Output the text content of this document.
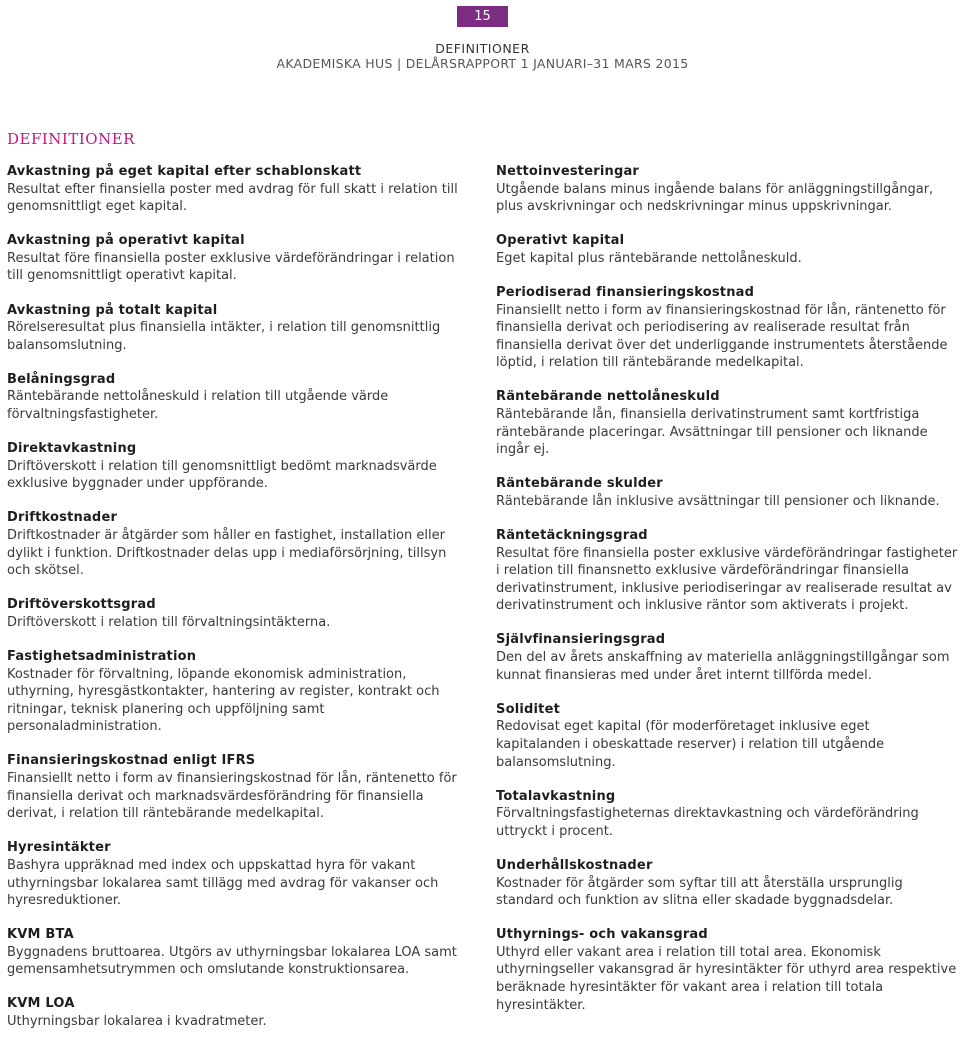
15
DEFINITIONER
AKADEMISKA HUS | DELÅRSRAPPORT 1 JANUARI–31 MARS 2015
DEFINITIONER
Avkastning på eget kapital efter schablonskatt
Resultat efter finansiella poster med avdrag för full skatt i relation till genomsnittligt eget kapital.
Avkastning på operativt kapital
Resultat före finansiella poster exklusive värdeförändringar i relation till genomsnittligt operativt kapital.
Avkastning på totalt kapital
Rörelseresultat plus finansiella intäkter, i relation till genomsnittlig balansomslutning.
Belåningsgrad
Räntebärande nettolåneskuld i relation till utgående värde förvaltningsfastigheter.
Direktavkastning
Driftöverskott i relation till genomsnittligt bedömt marknadsvärde exklusive byggnader under uppförande.
Driftkostnader
Driftkostnader är åtgärder som håller en fastighet, installation eller dylikt i funktion. Driftkostnader delas upp i mediaförsörjning, tillsyn och skötsel.
Driftöverskottsgrad
Driftöverskott i relation till förvaltningsintäkterna.
Fastighetsadministration
Kostnader för förvaltning, löpande ekonomisk administration, uthyrning, hyresgästkontakter, hantering av register, kontrakt och ritningar, teknisk planering och uppföljning samt personaladministration.
Finansieringskostnad enligt IFRS
Finansiellt netto i form av finansieringskostnad för lån, räntenetto för finansiella derivat och marknadsvärdesförändring för finansiella derivat, i relation till räntebärande medelkapital.
Hyresintäkter
Bashyra uppräknad med index och uppskattad hyra för vakant uthyrningsbar lokalarea samt tillägg med avdrag för vakanser och hyresreduktioner.
KVM BTA
Byggnadens bruttoarea. Utgörs av uthyrningsbar lokalarea LOA samt gemensamhetsutrymmen och omslutande konstruktionsarea.
KVM LOA
Uthyrningsbar lokalarea i kvadratmeter.
Nettoinvesteringar
Utgående balans minus ingående balans för anläggningstillgångar, plus avskrivningar och nedskrivningar minus uppskrivningar.
Operativt kapital
Eget kapital plus räntebärande nettolåneskuld.
Periodiserad finansieringskostnad
Finansiellt netto i form av finansieringskostnad för lån, räntenetto för finansiella derivat och periodisering av realiserade resultat från finansiella derivat över det underliggande instrumentets återstående löptid, i relation till räntebärande medelkapital.
Räntebärande nettolåneskuld
Räntebärande lån, finansiella derivatinstrument samt kortfristiga räntebärande placeringar. Avsättningar till pensioner och liknande ingår ej.
Räntebärande skulder
Räntebärande lån inklusive avsättningar till pensioner och liknande.
Räntetäckningsgrad
Resultat före finansiella poster exklusive värdeförändringar fastigheter i relation till finansnetto exklusive värdeförändringar finansiella derivatinstrument, inklusive periodiseringar av realiserade resultat av derivatinstrument och inklusive räntor som aktiverats i projekt.
Självfinansieringsgrad
Den del av årets anskaffning av materiella anläggningstillgångar som kunnat finansieras med under året internt tillförda medel.
Soliditet
Redovisat eget kapital (för moderföretaget inklusive eget kapitalanden i obeskattade reserver) i relation till utgående balansomslutning.
Totalavkastning
Förvaltningsfastigheternas direktavkastning och värdeförändring uttryckt i procent.
Underhållskostnader
Kostnader för åtgärder som syftar till att återställa ursprunglig standard och funktion av slitna eller skadade byggnadsdelar.
Uthyrnings- och vakansgrad
Uthyrd eller vakant area i relation till total area. Ekonomisk uthyrningseller vakansgrad är hyresintäkter för uthyrd area respektive beräknade hyresintäkter för vakant area i relation till totala hyresintäkter.
